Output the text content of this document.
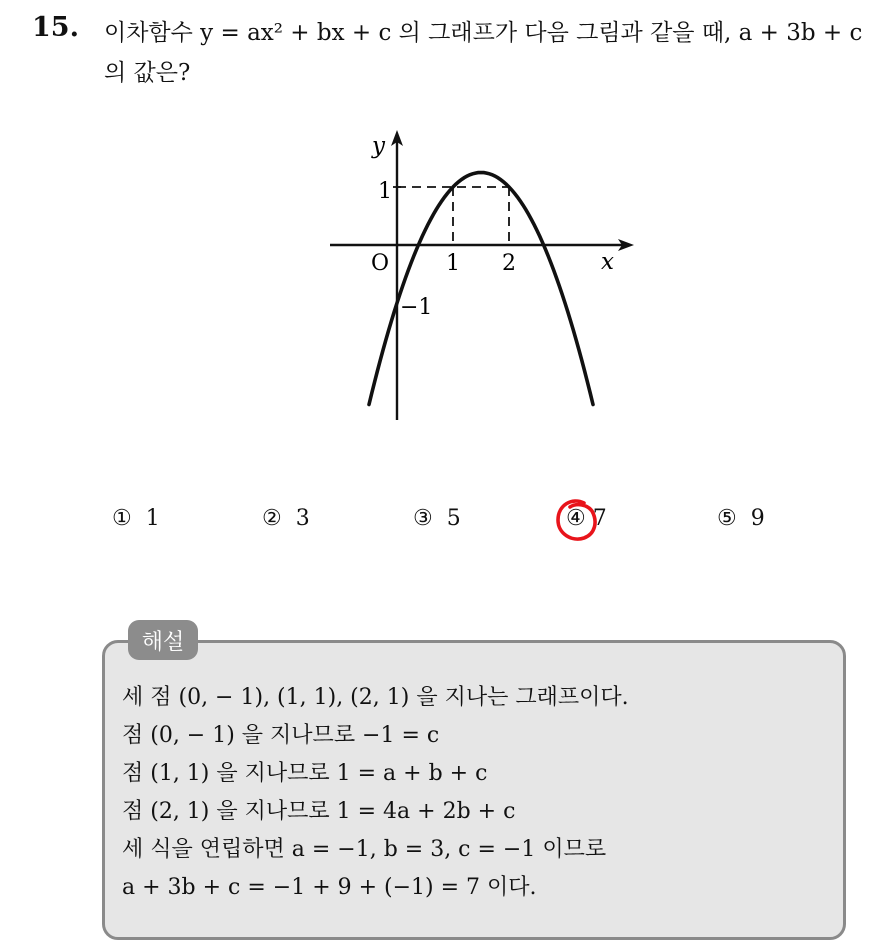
15. 이차함수 y = ax² + bx + c 의 그래프가 다음 그림과 같을 때, a + 3b + c
의 값은?
y
x
O
1
−1
1 2
① 1	② 3	③ 5	④ 7	⑤ 9
해설
세 점 (0, − 1), (1, 1), (2, 1) 을 지나는 그래프이다.
점 (0, − 1) 을 지나므로 −1 = c
점 (1, 1) 을 지나므로 1 = a + b + c
점 (2, 1) 을 지나므로 1 = 4a + 2b + c
세 식을 연립하면 a = −1, b = 3, c = −1 이므로
a + 3b + c = −1 + 9 + (−1) = 7 이다.
